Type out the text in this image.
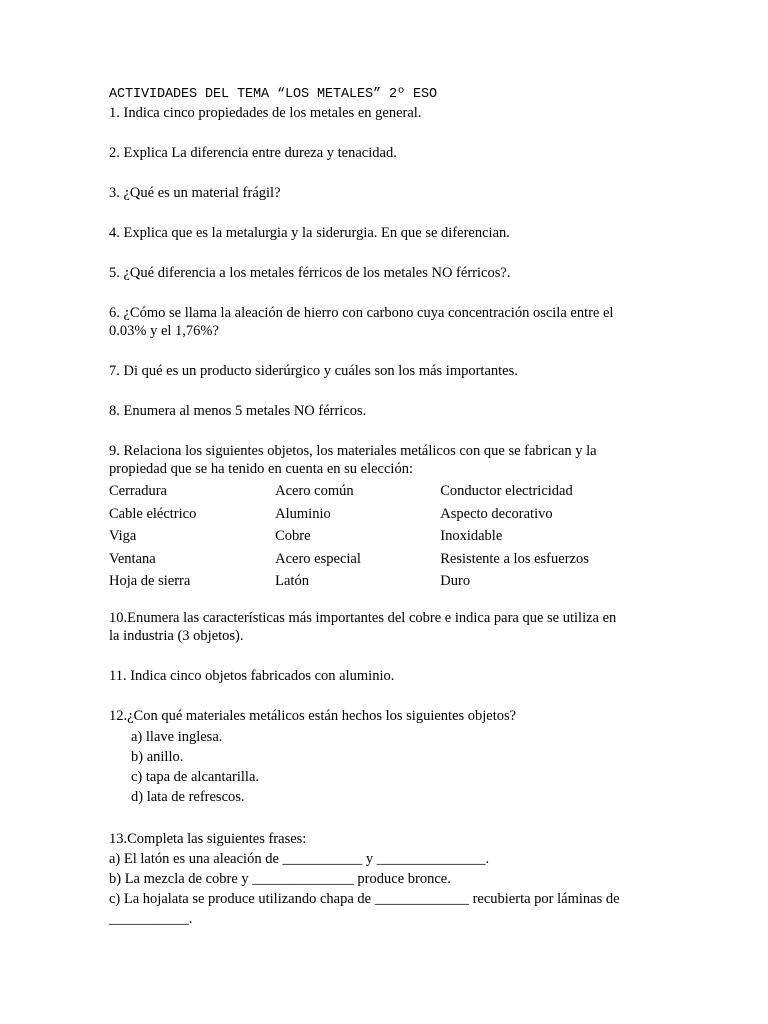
ACTIVIDADES DEL TEMA “LOS METALES” 2º ESO
1. Indica cinco propiedades de los metales en general.
2. Explica La diferencia entre dureza y tenacidad.
3. ¿Qué es un material frágil?
4. Explica que es la metalurgia y la siderurgia. En que se diferencian.
5. ¿Qué diferencia a los metales férricos de los metales NO férricos?.
6. ¿Cómo se llama la aleación de hierro con carbono cuya concentración oscila entre el
0.03% y el 1,76%?
7. Di qué es un producto siderúrgico y cuáles son los más importantes.
8. Enumera al menos 5 metales NO férricos.
9. Relaciona los siguientes objetos, los materiales metálicos con que se fabrican y la
propiedad que se ha tenido en cuenta en su elección:
Cerradura	Acero común	Conductor electricidad
Cable eléctrico	Aluminio	Aspecto decorativo
Viga	Cobre	Inoxidable
Ventana	Acero especial	Resistente a los esfuerzos
Hoja de sierra	Latón	Duro
10.Enumera las características más importantes del cobre e indica para que se utiliza en
la industria (3 objetos).
11. Indica cinco objetos fabricados con aluminio.
12.¿Con qué materiales metálicos están hechos los siguientes objetos?
a) llave inglesa.
b) anillo.
c) tapa de alcantarilla.
d) lata de refrescos.
13.Completa las siguientes frases:
a) El latón es una aleación de ___________ y _______________.
b) La mezcla de cobre y ______________ produce bronce.
c) La hojalata se produce utilizando chapa de _____________ recubierta por láminas de
___________.
